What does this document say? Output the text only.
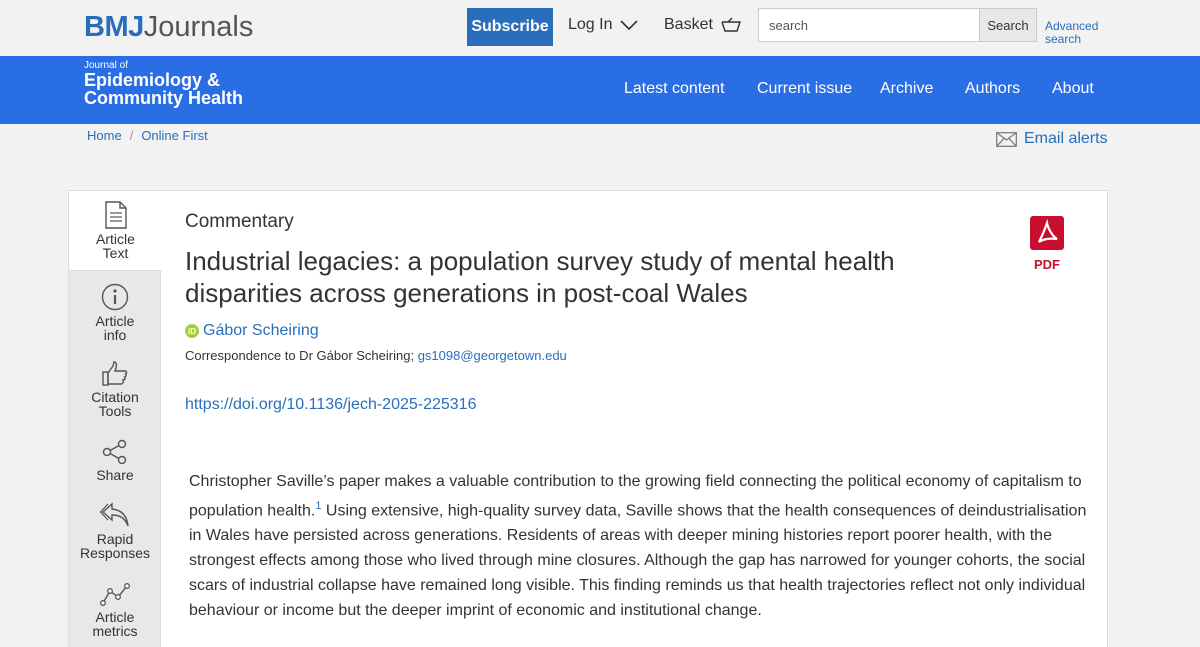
BMJJournals	Subscribe Log In	Basket
search	Search	Advanced search
Journal of
Epidemiology &
Community Health	Latest content Current issue Archive Authors About
Home / Online First	Email alerts
Article
Text
Article
info
Citation
Tools
Share
Rapid
Responses
Article
metrics
Commentary
Industrial legacies: a population survey study of mental health disparities across generations in post-coal Wales
iD Gábor Scheiring
Correspondence to Dr Gábor Scheiring; gs1098@georgetown.edu
https://doi.org/10.1136/jech-2025-225316
PDF

Christopher Saville’s paper makes a valuable contribution to the growing field connecting the political economy of capitalism to population health.$^1$ Using extensive, high-quality survey data, Saville shows that the health consequences of deindustrialisation in Wales have persisted across generations. Residents of areas with deeper mining histories report poorer health, with the strongest effects among those who lived through mine closures. Although the gap has narrowed for younger cohorts, the social scars of industrial collapse have remained long visible. This finding reminds us that health trajectories reflect not only individual behaviour or income but the deeper imprint of economic and institutional change.
